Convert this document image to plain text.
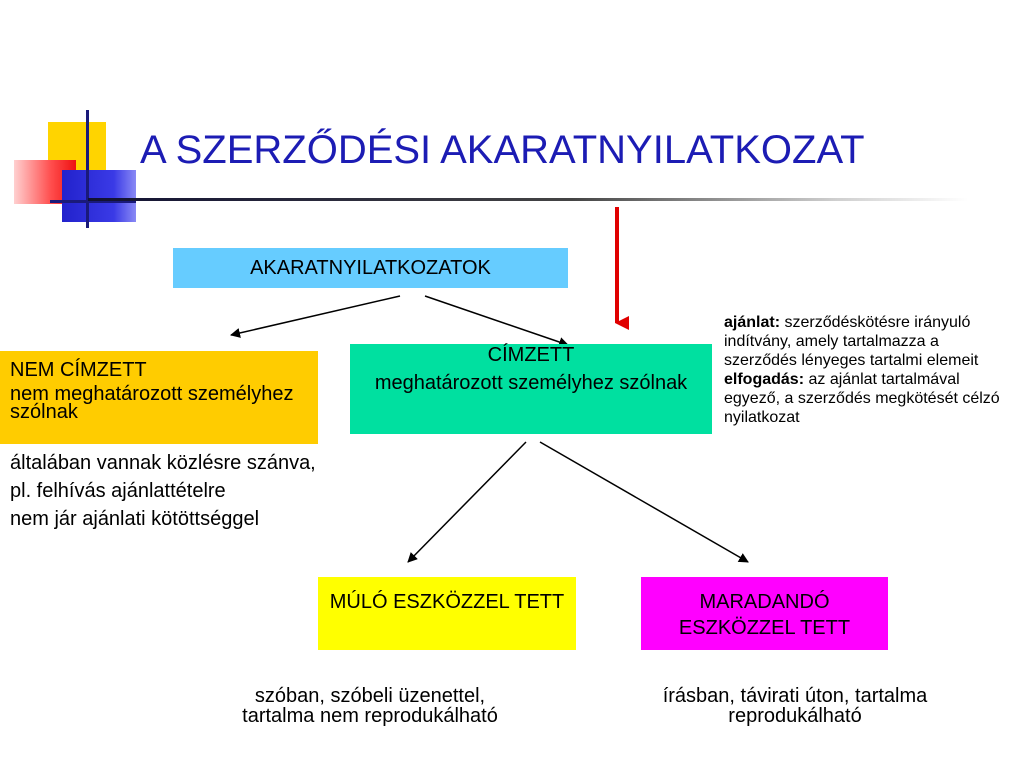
A SZERZŐDÉSI AKARATNYILATKOZAT
AKARATNYILATKOZATOK

NEM CÍMZETT

nem meghatározott személyhez szólnak

CÍMZETT

meghatározott személyhez szólnak

általában vannak közlésre szánva,

pl. felhívás ajánlattételre

nem jár ajánlati kötöttséggel

ajánlat: szerződéskötésre irányuló indítvány, amely tartalmazza a szerződés lényeges tartalmi elemeit elfogadás: az ajánlat tartalmával egyező, a szerződés megkötését célzó nyilatkozat
MÚLÓ ESZKÖZZEL TETT	MARADANDÓ ESZKÖZZEL TETT
szóban, szóbeli üzenettel, tartalma nem reprodukálható
írásban, távirati úton, tartalma reprodukálható
